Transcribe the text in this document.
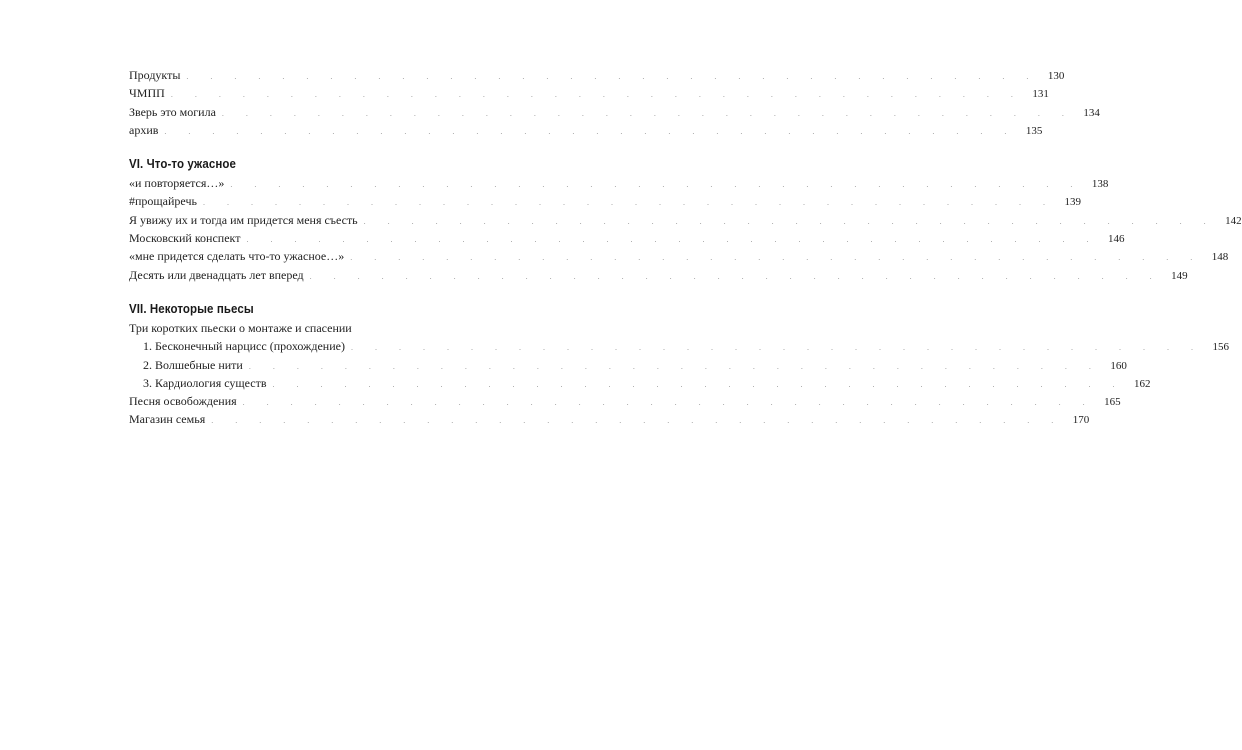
Продукты . . . . . . . . . . . . . . . . . . . . . . . . . . . . . . . . . . . . 130
ЧМПП . . . . . . . . . . . . . . . . . . . . . . . . . . . . . . . . . . . . 131
Зверь это могила . . . . . . . . . . . . . . . . . . . . . . . . . . . . . . . . . . . . 134
архив . . . . . . . . . . . . . . . . . . . . . . . . . . . . . . . . . . . . 135
VI. Что-то ужасное
«и повторяется…» . . . . . . . . . . . . . . . . . . . . . . . . . . . . . . . . . . . . 138
#прощайречь . . . . . . . . . . . . . . . . . . . . . . . . . . . . . . . . . . . . 139
Я увижу их и тогда им придется меня съесть . . . . . . . . . . . . . . . . . . . . . . . . . . . . . . . . . . . . 142
Московский конспект . . . . . . . . . . . . . . . . . . . . . . . . . . . . . . . . . . . . 146
«мне придется сделать что-то ужасное…» . . . . . . . . . . . . . . . . . . . . . . . . . . . . . . . . . . . . 148
Десять или двенадцать лет вперед . . . . . . . . . . . . . . . . . . . . . . . . . . . . . . . . . . . . 149
VII. Некоторые пьесы
Три коротких пьески о монтаже и спасении
1. Бесконечный нарцисс (прохождение) . . . . . . . . . . . . . . . . . . . . . . . . . . . . . . . . . . . . 156
2. Волшебные нити . . . . . . . . . . . . . . . . . . . . . . . . . . . . . . . . . . . . 160
3. Кардиология существ . . . . . . . . . . . . . . . . . . . . . . . . . . . . . . . . . . . . 162
Песня освобождения . . . . . . . . . . . . . . . . . . . . . . . . . . . . . . . . . . . . 165
Магазин семья . . . . . . . . . . . . . . . . . . . . . . . . . . . . . . . . . . . . 170
